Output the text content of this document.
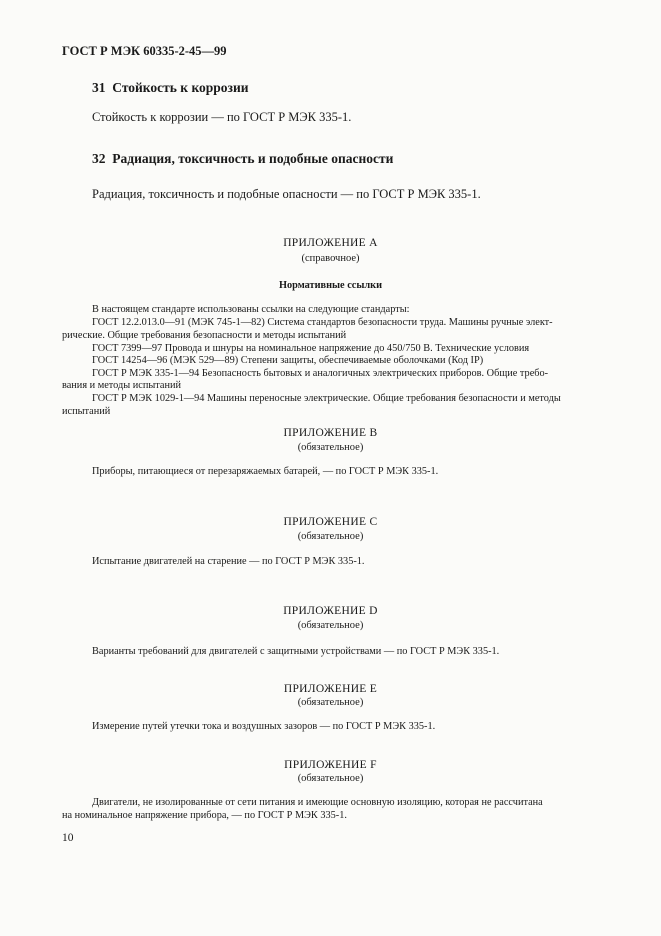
ГОСТ Р МЭК 60335-2-45—99
31 Стойкость к коррозии
Стойкость к коррозии — по ГОСТ Р МЭК 335-1.
32 Радиация, токсичность и подобные опасности
Радиация, токсичность и подобные опасности — по ГОСТ Р МЭК 335-1.
ПРИЛОЖЕНИЕ А
(справочное)
Нормативные ссылки
В настоящем стандарте использованы ссылки на следующие стандарты:
ГОСТ 12.2.013.0—91 (МЭК 745-1—82) Система стандартов безопасности труда. Машины ручные элект-
рические. Общие требования безопасности и методы испытаний
ГОСТ 7399—97 Провода и шнуры на номинальное напряжение до 450/750 В. Технические условия
ГОСТ 14254—96 (МЭК 529—89) Степени защиты, обеспечиваемые оболочками (Код IP)
ГОСТ Р МЭК 335-1—94 Безопасность бытовых и аналогичных электрических приборов. Общие требо-
вания и методы испытаний
ГОСТ Р МЭК 1029-1—94 Машины переносные электрические. Общие требования безопасности и методы
испытаний
ПРИЛОЖЕНИЕ В
(обязательное)
Приборы, питающиеся от перезаряжаемых батарей, — по ГОСТ Р МЭК 335-1.
ПРИЛОЖЕНИЕ С
(обязательное)
Испытание двигателей на старение — по ГОСТ Р МЭК 335-1.
ПРИЛОЖЕНИЕ D
(обязательное)
Варианты требований для двигателей с защитными устройствами — по ГОСТ Р МЭК 335-1.
ПРИЛОЖЕНИЕ Е
(обязательное)
Измерение путей утечки тока и воздушных зазоров — по ГОСТ Р МЭК 335-1.
ПРИЛОЖЕНИЕ F
(обязательное)
Двигатели, не изолированные от сети питания и имеющие основную изоляцию, которая не рассчитана
на номинальное напряжение прибора, — по ГОСТ Р МЭК 335-1.
10
